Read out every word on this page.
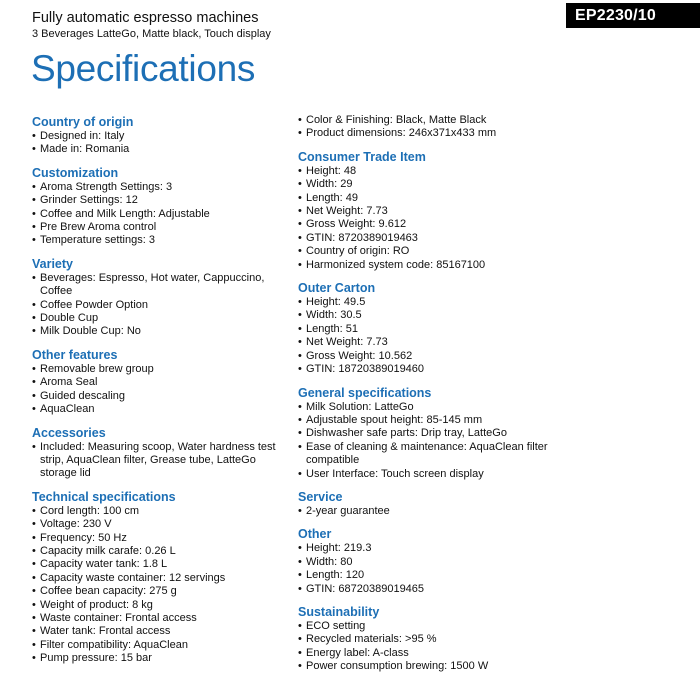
Fully automatic espresso machines
3 Beverages LatteGo, Matte black, Touch display
EP2230/10
Specifications
Country of origin
• Designed in: Italy
• Made in: Romania
Customization
• Aroma Strength Settings: 3
• Grinder Settings: 12
• Coffee and Milk Length: Adjustable
• Pre Brew Aroma control
• Temperature settings: 3
Variety
• Beverages: Espresso, Hot water, Cappuccino, Coffee
• Coffee Powder Option
• Double Cup
• Milk Double Cup: No
Other features
• Removable brew group
• Aroma Seal
• Guided descaling
• AquaClean
Accessories
• Included: Measuring scoop, Water hardness test strip, AquaClean filter, Grease tube, LatteGo storage lid
Technical specifications
• Cord length: 100 cm
• Voltage: 230 V
• Frequency: 50 Hz
• Capacity milk carafe: 0.26 L
• Capacity water tank: 1.8 L
• Capacity waste container: 12 servings
• Coffee bean capacity: 275 g
• Weight of product: 8 kg
• Waste container: Frontal access
• Water tank: Frontal access
• Filter compatibility: AquaClean
• Pump pressure: 15 bar
• Color & Finishing: Black, Matte Black
• Product dimensions: 246x371x433 mm
Consumer Trade Item
• Height: 48
• Width: 29
• Length: 49
• Net Weight: 7.73
• Gross Weight: 9.612
• GTIN: 8720389019463
• Country of origin: RO
• Harmonized system code: 85167100
Outer Carton
• Height: 49.5
• Width: 30.5
• Length: 51
• Net Weight: 7.73
• Gross Weight: 10.562
• GTIN: 18720389019460
General specifications
• Milk Solution: LatteGo
• Adjustable spout height: 85-145 mm
• Dishwasher safe parts: Drip tray, LatteGo
• Ease of cleaning & maintenance: AquaClean filter compatible
• User Interface: Touch screen display
Service
• 2-year guarantee
Other
• Height: 219.3
• Width: 80
• Length: 120
• GTIN: 68720389019465
Sustainability
• ECO setting
• Recycled materials: >95 %
• Energy label: A-class
• Power consumption brewing: 1500 W
